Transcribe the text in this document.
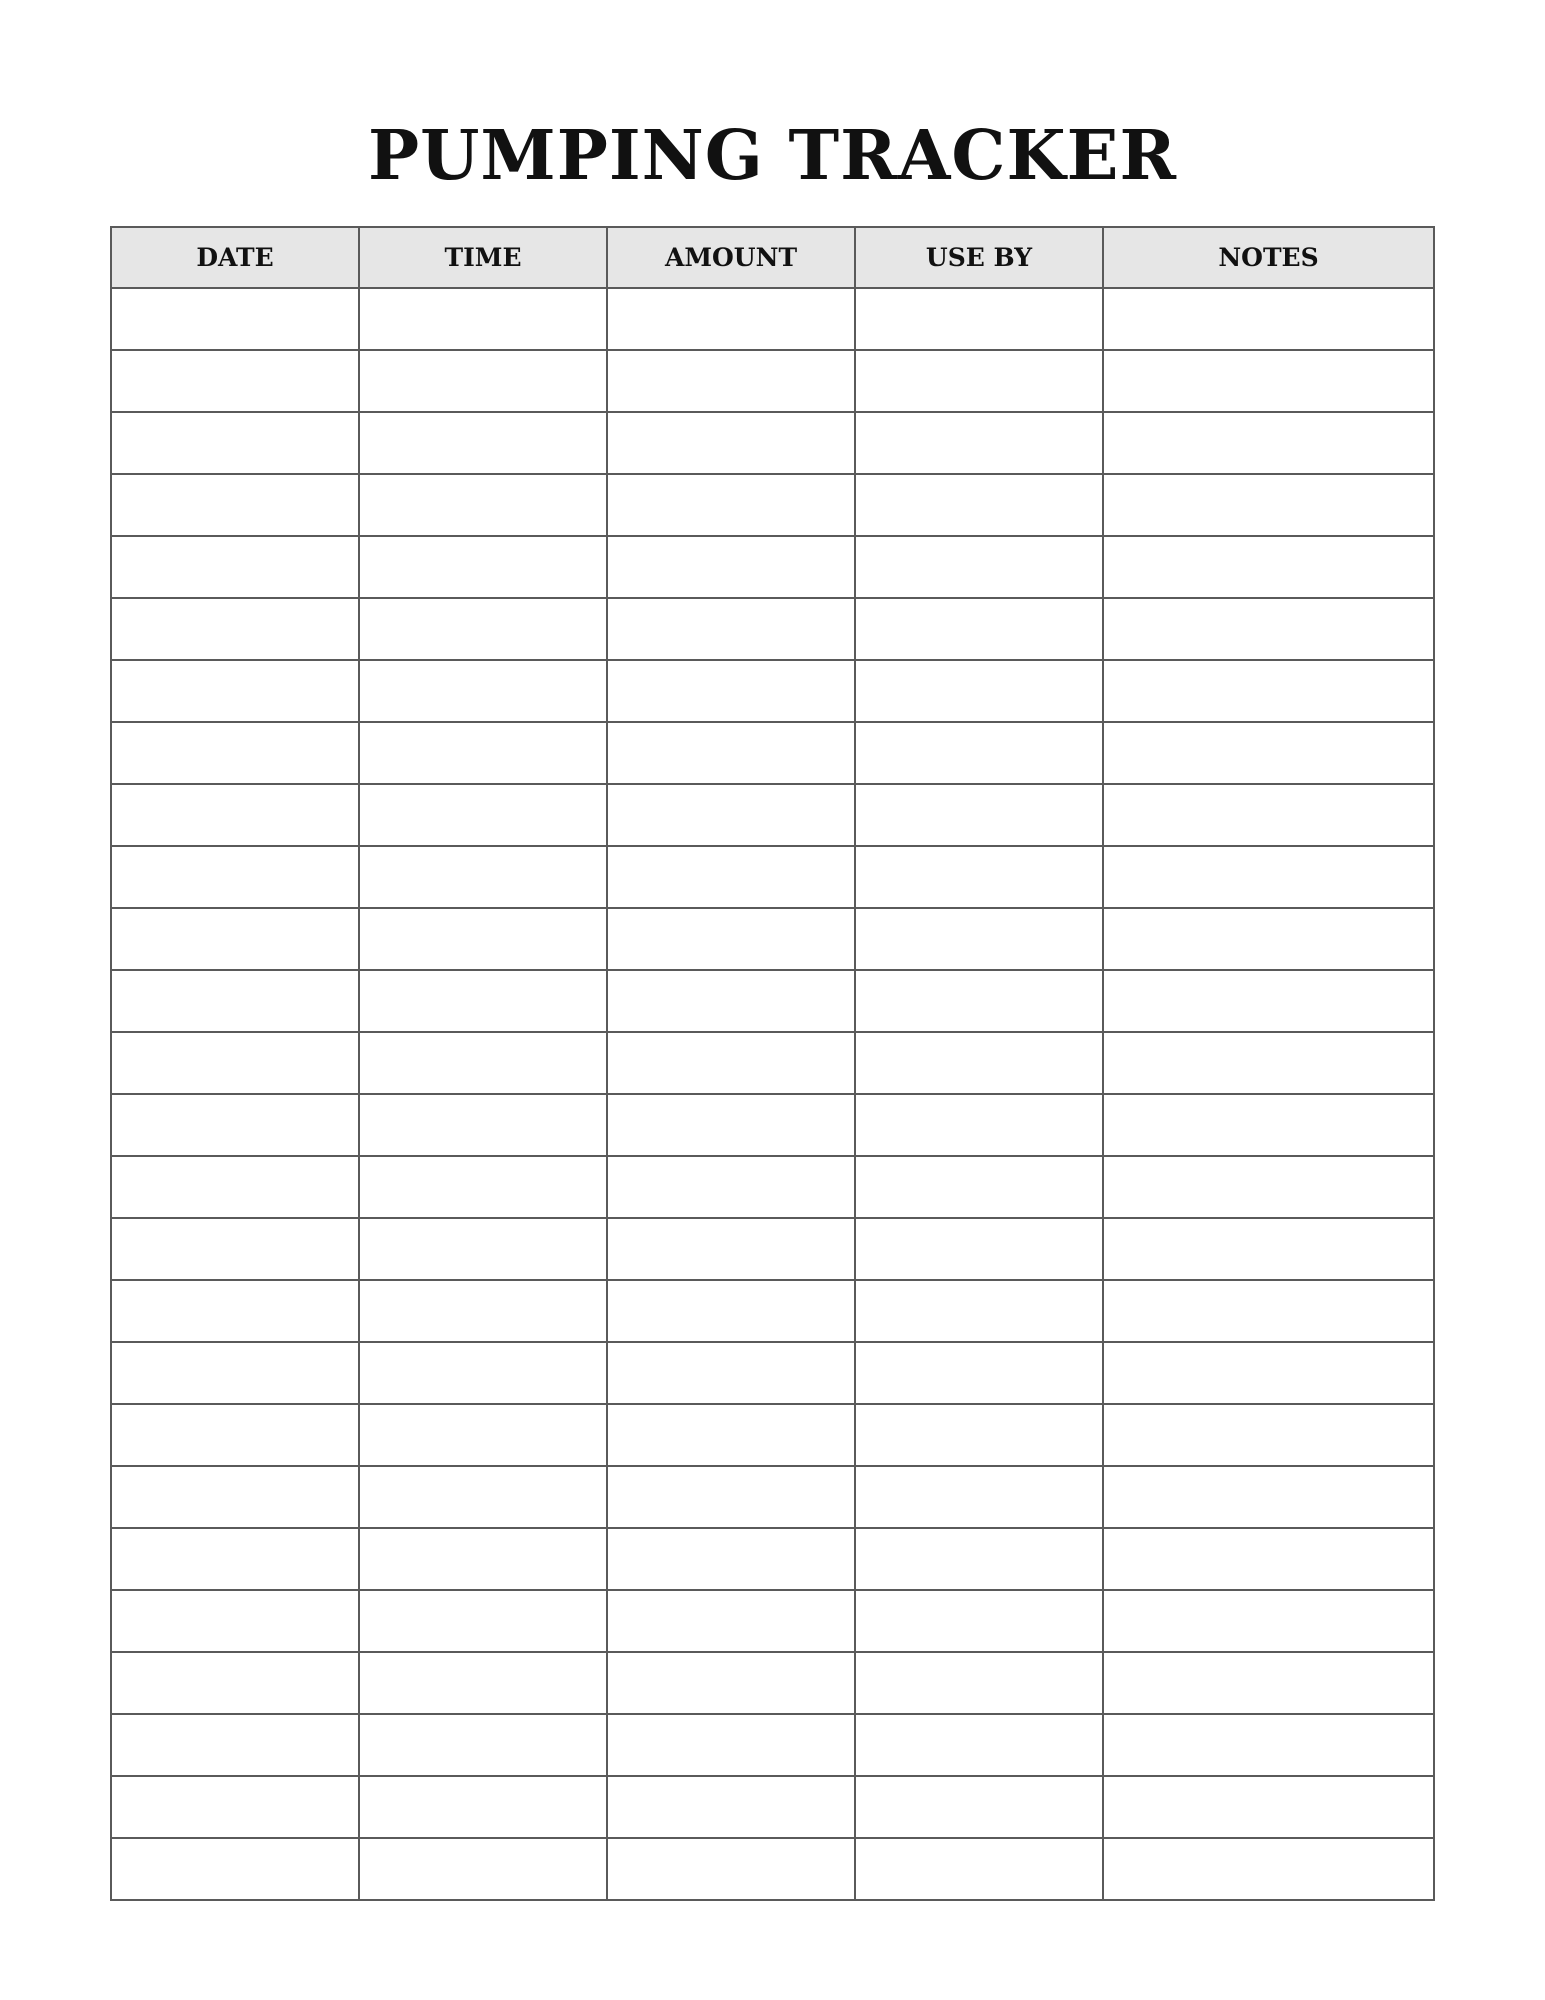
PUMPING TRACKER
DATE	TIME	AMOUNT	USE BY	NOTES
